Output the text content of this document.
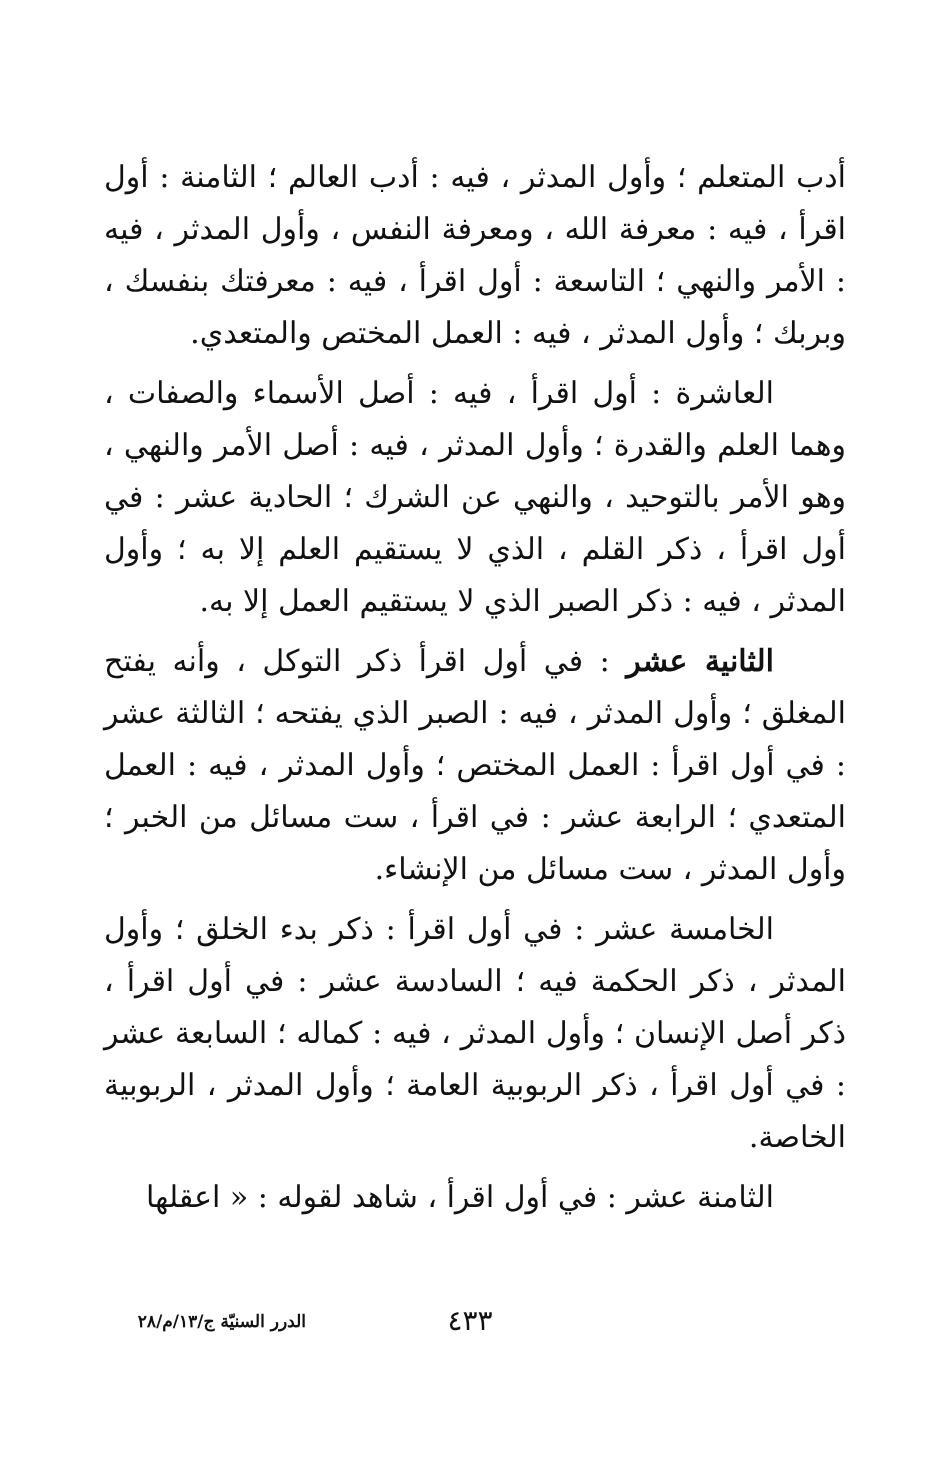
أدب المتعلم ؛ وأول المدثر ، فيه : أدب العالم ؛ الثامنة : أول اقرأ ، فيه : معرفة الله ، ومعرفة النفس ، وأول المدثر ، فيه : الأمر والنهي ؛ التاسعة : أول اقرأ ، فيه : معرفتك بنفسك ، وبربك ؛ وأول المدثر ، فيه : العمل المختص والمتعدي.

العاشرة : أول اقرأ ، فيه : أصل الأسماء والصفات ، وهما العلم والقدرة ؛ وأول المدثر ، فيه : أصل الأمر والنهي ، وهو الأمر بالتوحيد ، والنهي عن الشرك ؛ الحادية عشر : في أول اقرأ ، ذكر القلم ، الذي لا يستقيم العلم إلا به ؛ وأول المدثر ، فيه : ذكر الصبر الذي لا يستقيم العمل إلا به.

الثانية عشر : في أول اقرأ ذكر التوكل ، وأنه يفتح المغلق ؛ وأول المدثر ، فيه : الصبر الذي يفتحه ؛ الثالثة عشر : في أول اقرأ : العمل المختص ؛ وأول المدثر ، فيه : العمل المتعدي ؛ الرابعة عشر : في اقرأ ، ست مسائل من الخبر ؛ وأول المدثر ، ست مسائل من الإنشاء.

الخامسة عشر : في أول اقرأ : ذكر بدء الخلق ؛ وأول المدثر ، ذكر الحكمة فيه ؛ السادسة عشر : في أول اقرأ ، ذكر أصل الإنسان ؛ وأول المدثر ، فيه : كماله ؛ السابعة عشر : في أول اقرأ ، ذكر الربوبية العامة ؛ وأول المدثر ، الربوبية الخاصة.

الثامنة عشر : في أول اقرأ ، شاهد لقوله : « اعقلها

٤٣٣
الدرر السنيّة ج/١٣/م/٢٨
